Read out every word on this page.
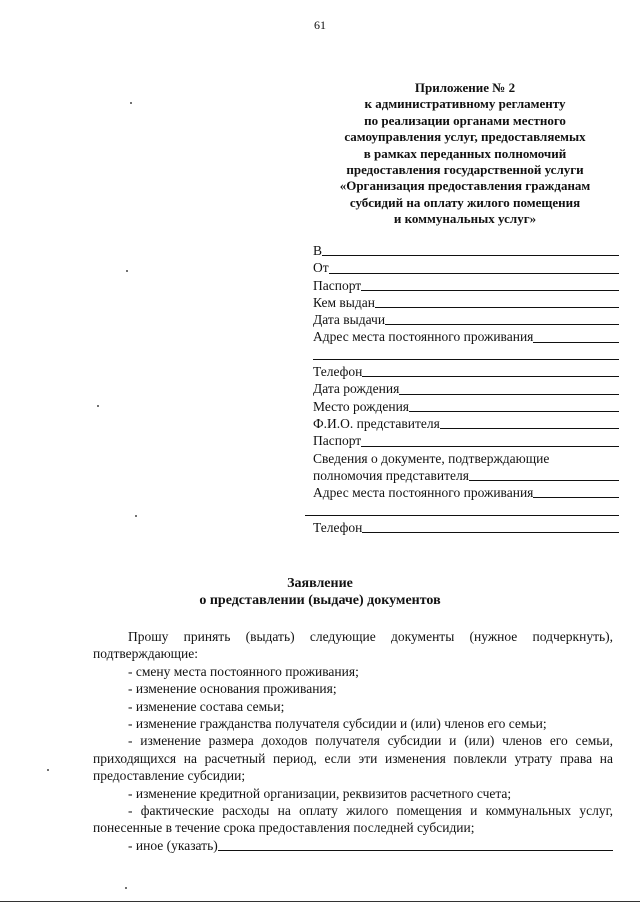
61
Приложение № 2
к административному регламенту
по реализации органами местного
самоуправления услуг, предоставляемых
в рамках переданных полномочий
предоставления государственной услуги
«Организация предоставления гражданам
субсидий на оплату жилого помещения
и коммунальных услуг»
В
От
Паспорт
Кем выдан
Дата выдачи
Адрес места постоянного проживания
Телефон
Дата рождения
Место рождения
Ф.И.О. представителя
Паспорт
Сведения о документе, подтверждающие
полномочия представителя
Адрес места постоянного проживания
Телефон
Заявление
о представлении (выдаче) документов
Прошу принять (выдать) следующие документы (нужное подчеркнуть), подтверждающие:
- смену места постоянного проживания;
- изменение основания проживания;
- изменение состава семьи;
- изменение гражданства получателя субсидии и (или) членов его семьи;
- изменение размера доходов получателя субсидии и (или) членов его семьи, приходящихся на расчетный период, если эти изменения повлекли утрату права на предоставление субсидии;
- изменение кредитной организации, реквизитов расчетного счета;
- фактические расходы на оплату жилого помещения и коммунальных услуг, понесенные в течение срока предоставления последней субсидии;
- иное (указать)
